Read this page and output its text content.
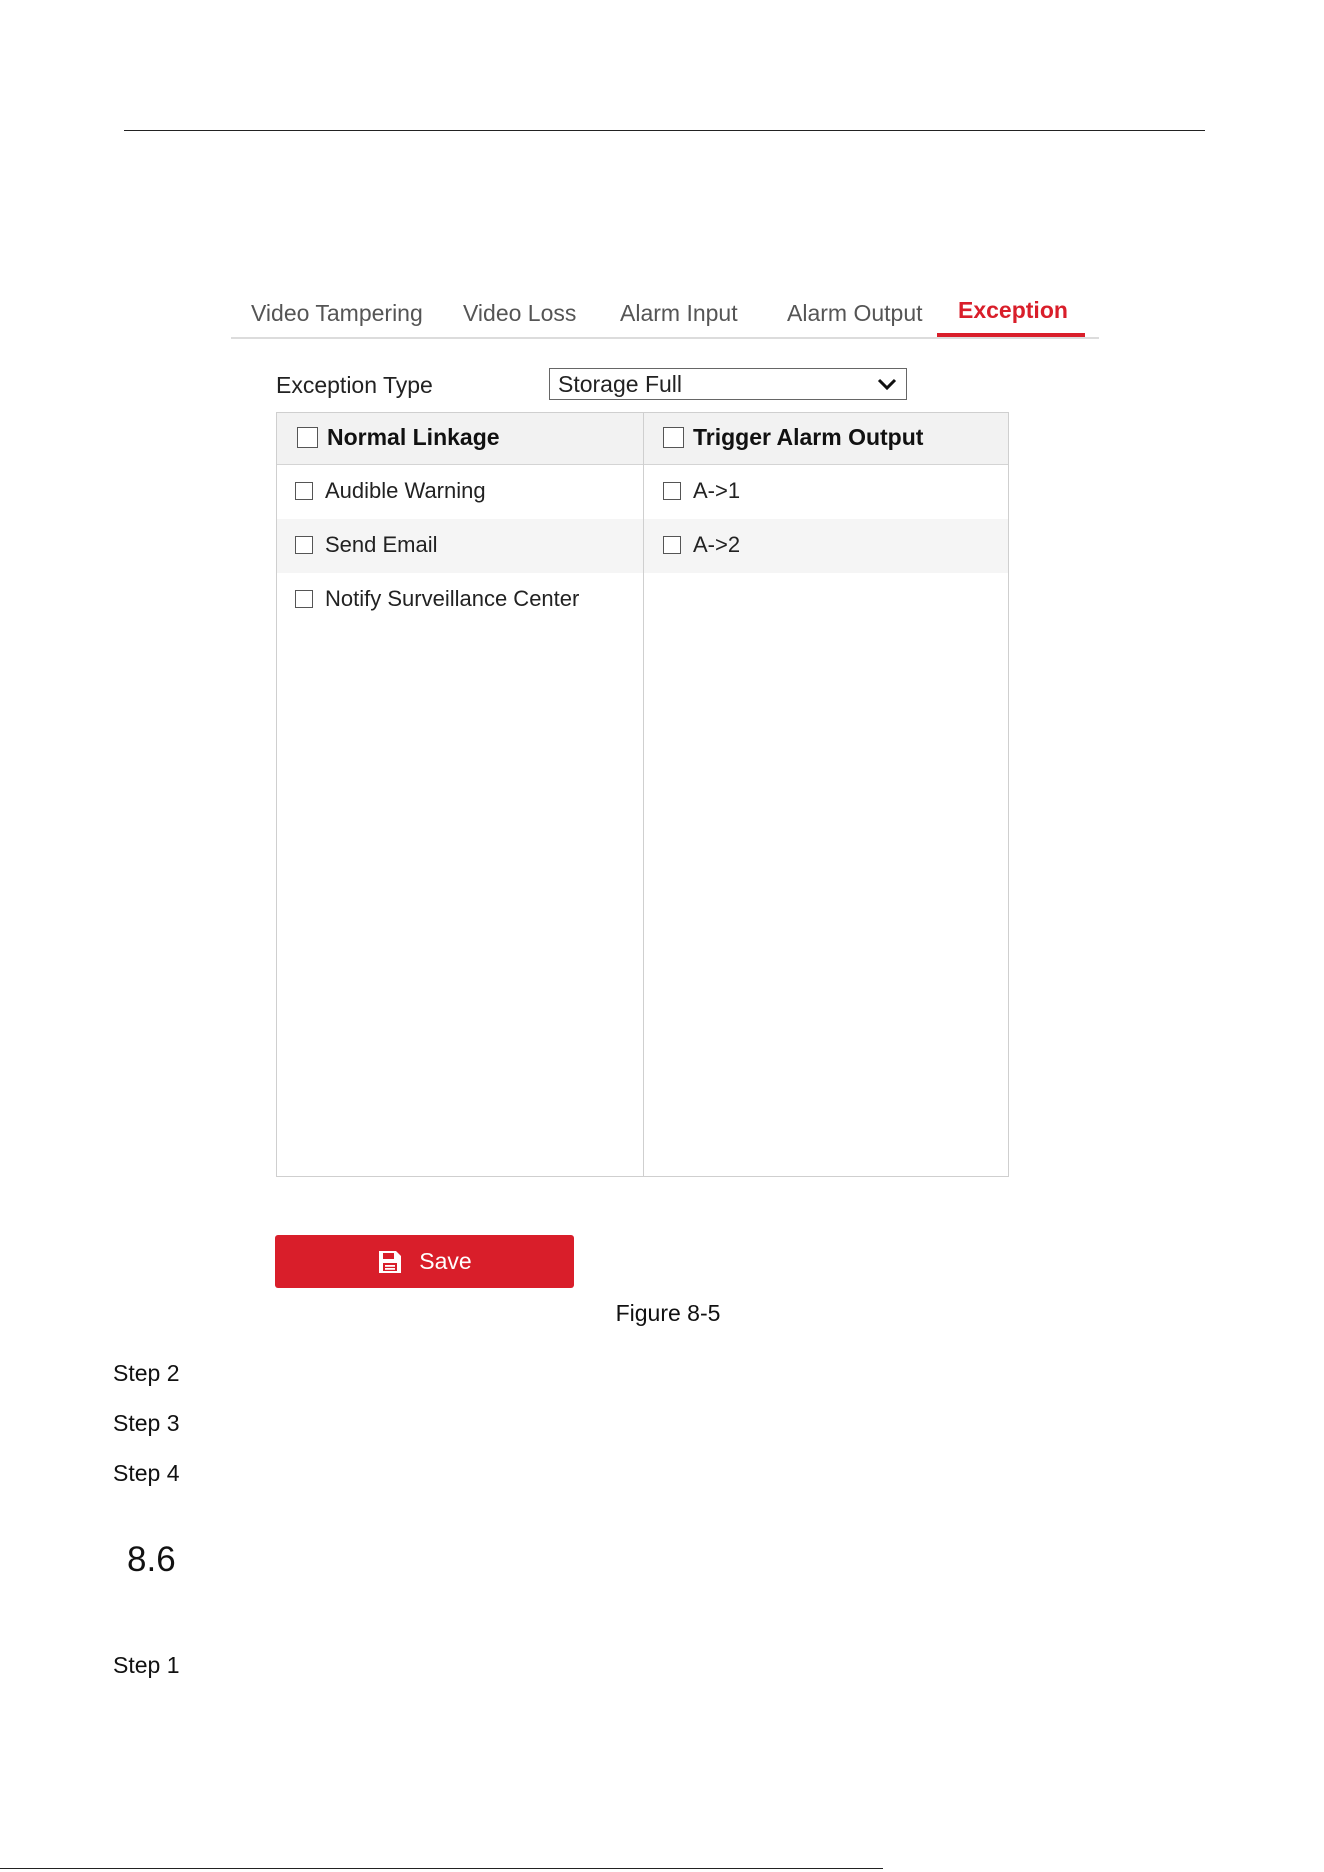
Video Tampering Video Loss Alarm Input Alarm Output Exception
Exception Type	Storage Full
Normal Linkage
Audible Warning
Send Email
Notify Surveillance Center
Trigger Alarm Output
A->1
A->2
Save
Figure 8-5
Step 2
Step 3
Step 4
8.6
Step 1
